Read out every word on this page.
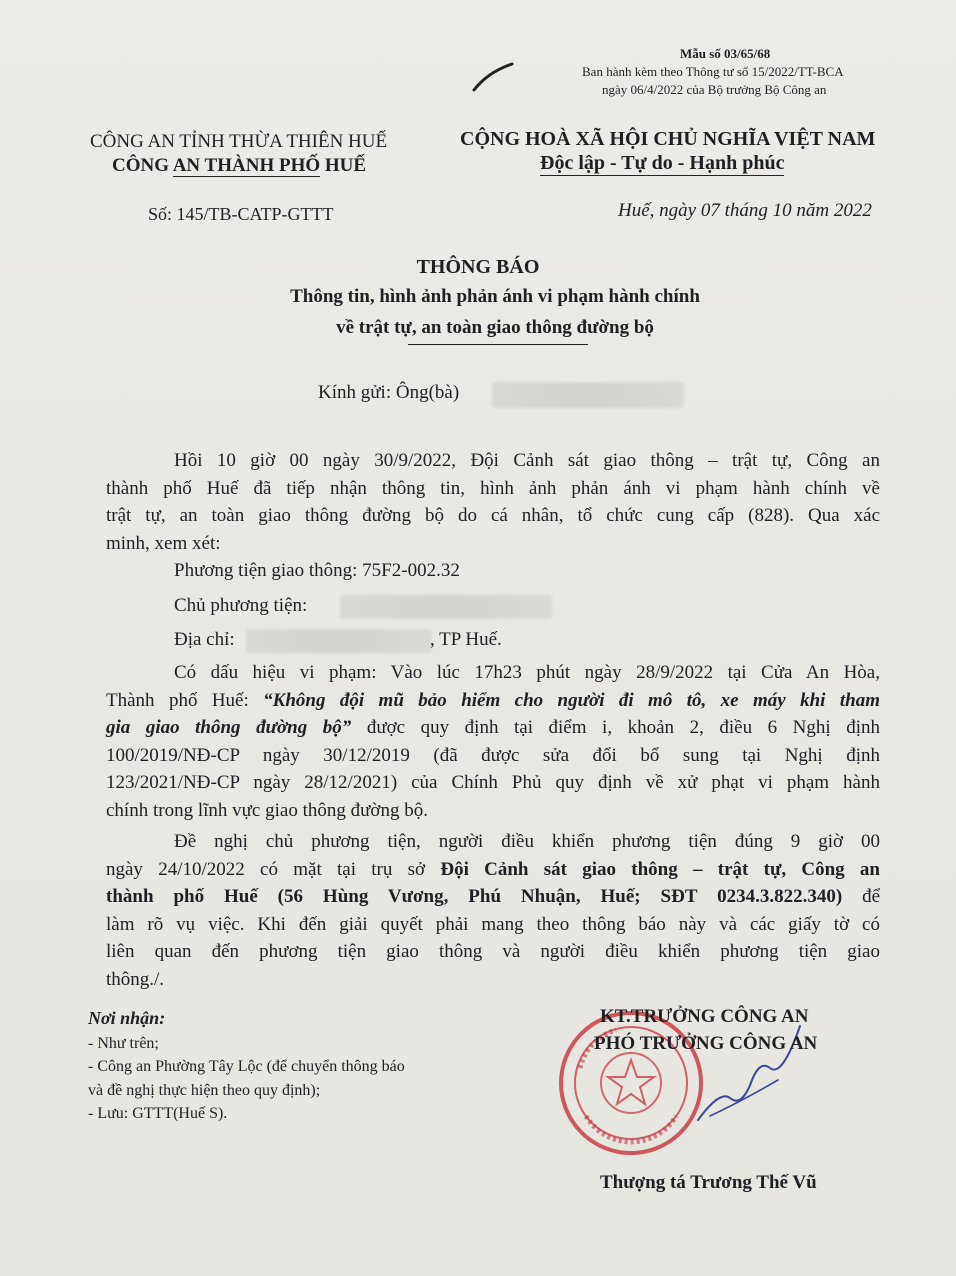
Mẫu số 03/65/68
Ban hành kèm theo Thông tư số 15/2022/TT-BCA
ngày 06/4/2022 của Bộ trưởng Bộ Công an
CÔNG AN TỈNH THỪA THIÊN HUẾ
CÔNG AN THÀNH PHỐ HUẾ
CỘNG HOÀ XÃ HỘI CHỦ NGHĨA VIỆT NAM
Độc lập - Tự do - Hạnh phúc
Số: 145/TB-CATP-GTTT	Huế, ngày 07 tháng 10 năm 2022
THÔNG BÁO
Thông tin, hình ảnh phản ánh vi phạm hành chính
về trật tự, an toàn giao thông đường bộ
Kính gửi: Ông(bà)
Hồi 10 giờ 00 ngày 30/9/2022, Đội Cảnh sát giao thông – trật tự, Công an
thành phố Huế đã tiếp nhận thông tin, hình ảnh phản ánh vi phạm hành chính về
trật tự, an toàn giao thông đường bộ do cá nhân, tổ chức cung cấp (828). Qua xác
minh, xem xét:
Phương tiện giao thông: 75F2-002.32
Chủ phương tiện:
Địa chỉ:	, TP Huế.
Có dấu hiệu vi phạm: Vào lúc 17h23 phút ngày 28/9/2022 tại Cửa An Hòa,
Thành phố Huế: “Không đội mũ bảo hiểm cho người đi mô tô, xe máy khi tham
gia giao thông đường bộ” được quy định tại điểm i, khoản 2, điều 6 Nghị định
100/2019/NĐ-CP ngày 30/12/2019 (đã được sửa đổi bổ sung tại Nghị định
123/2021/NĐ-CP ngày 28/12/2021) của Chính Phủ quy định về xử phạt vi phạm hành
chính trong lĩnh vực giao thông đường bộ.
Đề nghị chủ phương tiện, người điều khiển phương tiện đúng 9 giờ 00
ngày 24/10/2022 có mặt tại trụ sở Đội Cảnh sát giao thông – trật tự, Công an
thành phố Huế (56 Hùng Vương, Phú Nhuận, Huế; SĐT 0234.3.822.340) để
làm rõ vụ việc. Khi đến giải quyết phải mang theo thông báo này và các giấy tờ có
liên quan đến phương tiện giao thông và người điều khiển phương tiện giao
thông./.
Nơi nhận:
- Như trên;
- Công an Phường Tây Lộc (để chuyển thông báo
và đề nghị thực hiện theo quy định);
- Lưu: GTTT(Huế S).
KT.TRƯỞNG CÔNG AN
PHÓ TRƯỞNG CÔNG AN
Thượng tá Trương Thế Vũ
